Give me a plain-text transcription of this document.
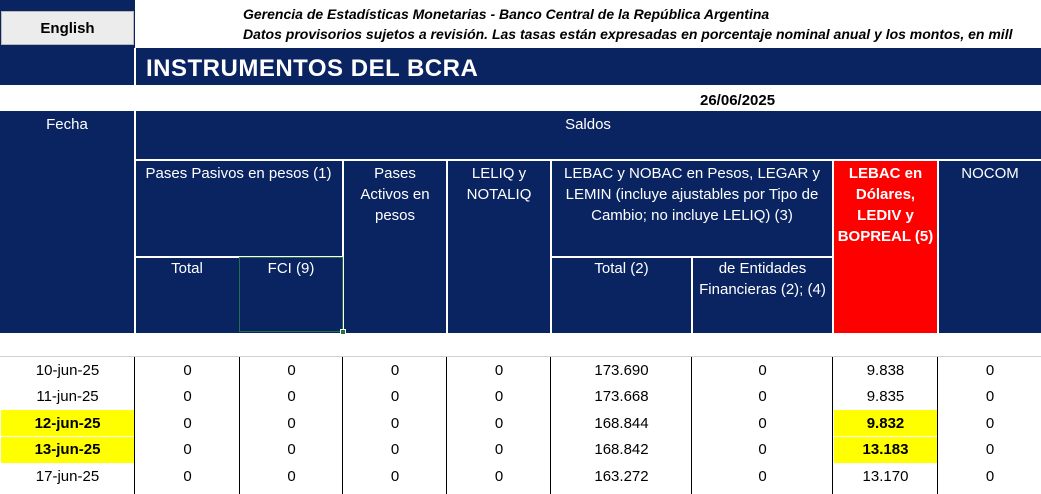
English
Gerencia de Estadísticas Monetarias - Banco Central de la República Argentina
Datos provisorios sujetos a revisión. Las tasas están expresadas en porcentaje nominal anual y los montos, en mill
INSTRUMENTOS DEL BCRA
26/06/2025
Fecha	Saldos
Pases Pasivos en pesos (1)
Total	FCI (9)
Pases
Activos en
pesos
LELIQ y
NOTALIQ
LEBAC y NOBAC en Pesos, LEGAR y
LEMIN (incluye ajustables por Tipo de
Cambio; no incluye LELIQ) (3)
Total (2)	de Entidades
Financieras (2); (4)
LEBAC en
Dólares,
LEDIV y
BOPREAL (5)
NOCOM
10-jun-25	0	0	0	0	173.690	0	9.838	0
11-jun-25	0	0	0	0	173.668	0	9.835	0
12-jun-25	0	0	0	0	168.844	0	9.832	0
13-jun-25	0	0	0	0	168.842	0	13.183	0
17-jun-25	0	0	0	0	163.272	0	13.170	0
